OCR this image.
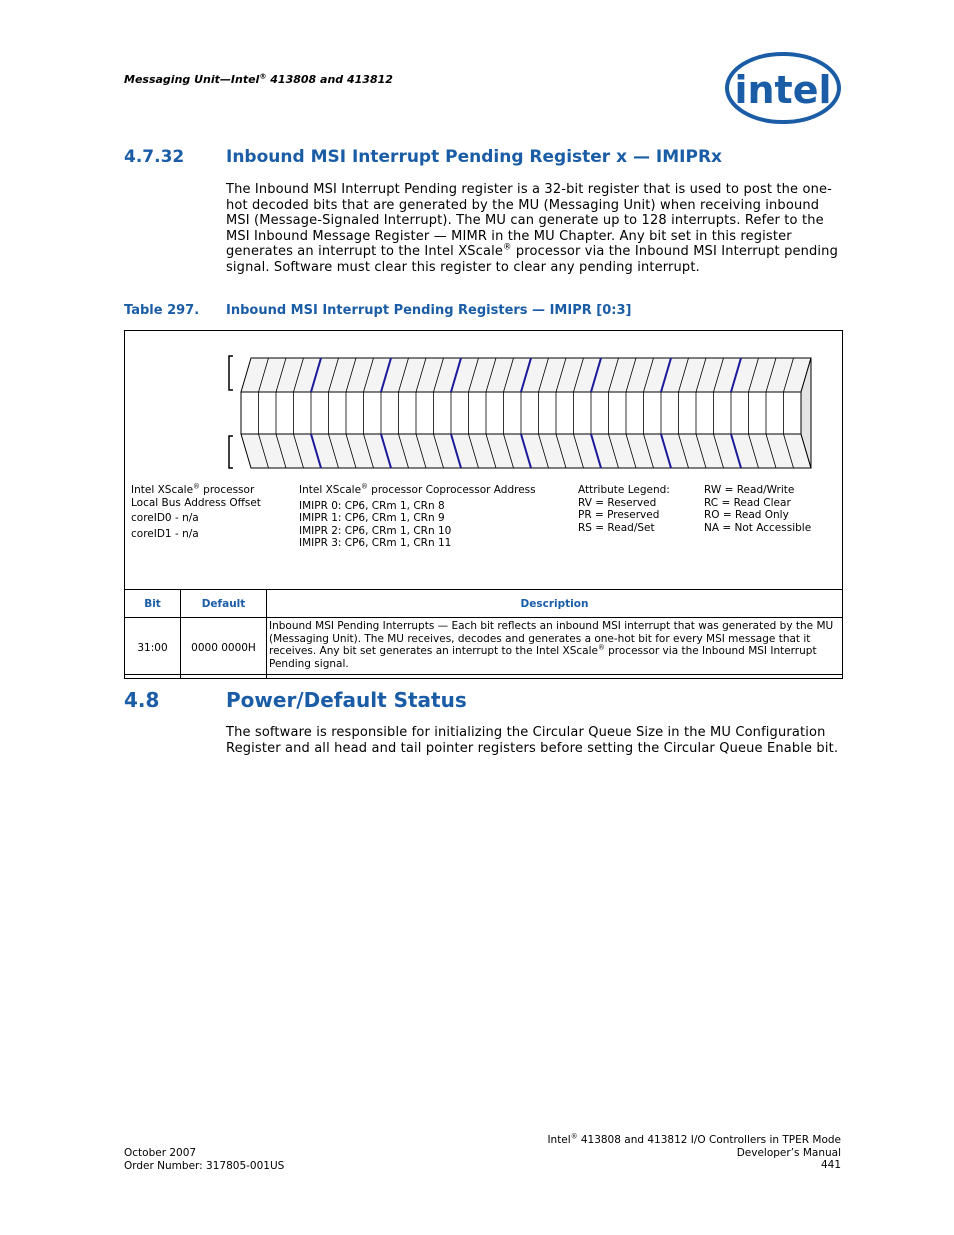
Messaging Unit—Intel® 413808 and 413812	intel
4.7.32 Inbound MSI Interrupt Pending Register x — IMIPRx
The Inbound MSI Interrupt Pending register is a 32-bit register that is used to post the one-hot decoded bits that are generated by the MU (Messaging Unit) when receiving inbound MSI (Message-Signaled Interrupt). The MU can generate up to 128 interrupts. Refer to the MSI Inbound Message Register — MIMR in the MU Chapter. Any bit set in this register generates an interrupt to the Intel XScale® processor via the Inbound MSI Interrupt pending signal. Software must clear this register to clear any pending interrupt.
Table 297. Inbound MSI Interrupt Pending Registers — IMIPR [0:3]
Intel XScale® processor
Local Bus Address Offset
coreID0 - n/a
coreID1 - n/a
Intel XScale® processor Coprocessor Address
IMIPR 0: CP6, CRm 1, CRn 8
IMIPR 1: CP6, CRm 1, CRn 9
IMIPR 2: CP6, CRm 1, CRn 10
IMIPR 3: CP6, CRm 1, CRn 11
Attribute Legend:
RV = Reserved
PR = Preserved
RS = Read/Set
RW = Read/Write
RC = Read Clear
RO = Read Only
NA = Not Accessible
Bit	Default	Description
31:00	0000 0000H	Inbound MSI Pending Interrupts — Each bit reflects an inbound MSI interrupt that was generated by the MU (Messaging Unit). The MU receives, decodes and generates a one-hot bit for every MSI message that it receives. Any bit set generates an interrupt to the Intel XScale® processor via the Inbound MSI Interrupt Pending signal.
4.8	Power/Default Status
The software is responsible for initializing the Circular Queue Size in the MU Configuration Register and all head and tail pointer registers before setting the Circular Queue Enable bit.
October 2007
Order Number: 317805-001US
Intel® 413808 and 413812 I/O Controllers in TPER Mode
Developer’s Manual
441
